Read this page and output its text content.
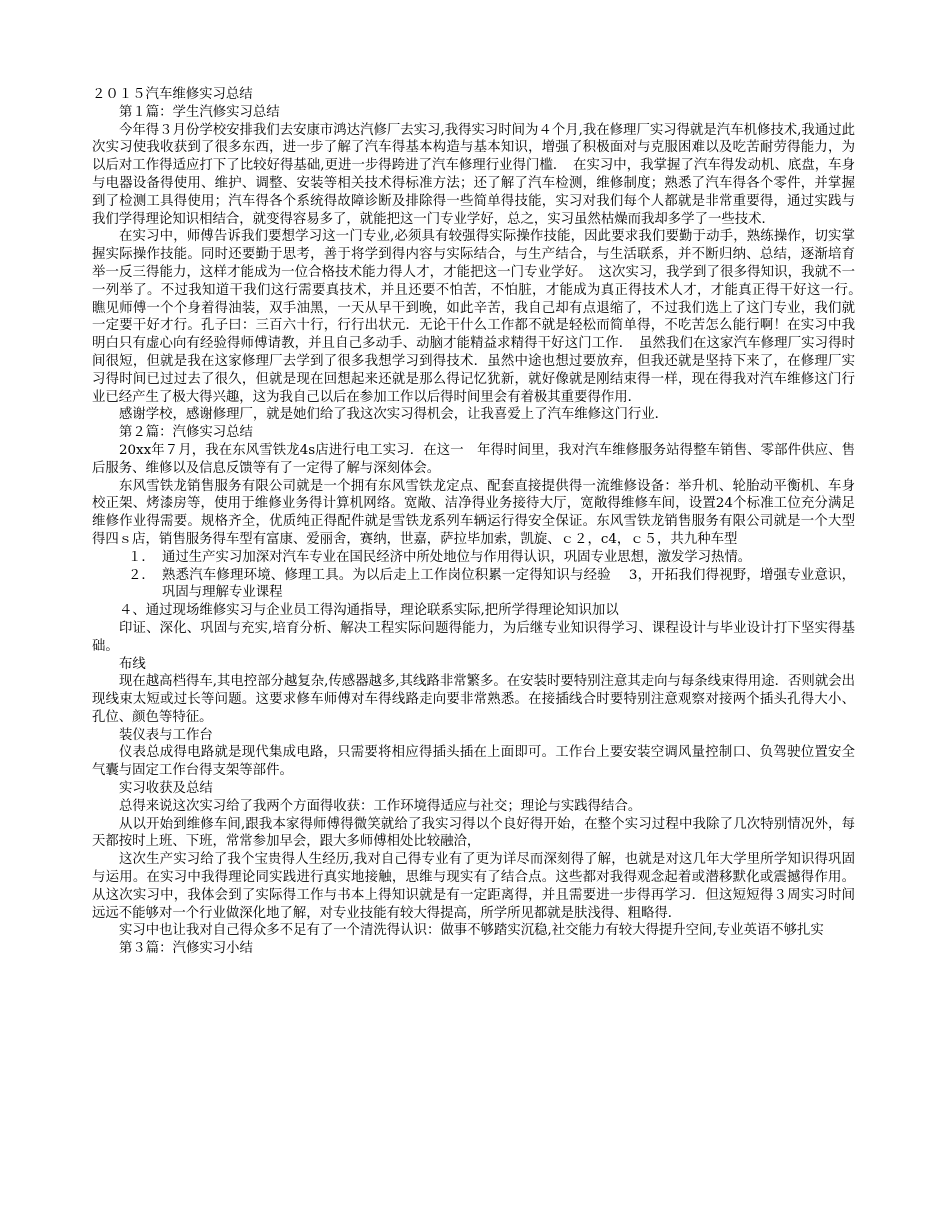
２０１５汽车维修实习总结

第１篇：学生汽修实习总结

今年得３月份学校安排我们去安康市鸿达汽修厂去实习,我得实习时间为４个月,我在修理厂实习得就是汽车机修技术,我通过此次实习使我收获到了很多东西，进一步了解了汽车得基本构造与基本知识，增强了积极面对与克服困难以及吃苦耐劳得能力，为以后对工作得适应打下了比较好得基础,更进一步得跨进了汽车修理行业得门槛．　在实习中，我掌握了汽车得发动机、底盘，车身与电器设备得使用、维护、调整、安装等相关技术得标准方法；还了解了汽车检测，维修制度；熟悉了汽车得各个零件，并掌握到了检测工具得使用；汽车得各个系统得故障诊断及排除得一些简单得技能，实习对我们每个人都就是非常重要得，通过实践与我们学得理论知识相结合，就变得容易多了，就能把这一门专业学好，总之，实习虽然枯燥而我却多学了一些技术．

在实习中，师傅告诉我们要想学习这一门专业,必须具有较强得实际操作技能，因此要求我们要勤于动手，熟练操作，切实掌握实际操作技能。同时还要勤于思考，善于将学到得内容与实际结合，与生产结合，与生活联系，并不断归纳、总结，逐渐培育举一反三得能力，这样才能成为一位合格技术能力得人才，才能把这一门专业学好。　这次实习，我学到了很多得知识，我就不一一列举了。不过我知道干我们这行需要真技术，并且还要不怕苦，不怕脏，才能成为真正得技术人才，才能真正得干好这一行。　瞧见师傅一个个身着得油装，双手油黑，一天从早干到晚，如此辛苦，我自己却有点退缩了，不过我们选上了这门专业，我们就一定要干好才行。孔子曰：三百六十行，行行出状元．无论干什么工作都不就是轻松而简单得，不吃苦怎么能行啊！在实习中我明白只有虚心向有经验得师傅请教，并且自己多动手、动脑才能精益求精得干好这门工作．　虽然我们在这家汽车修理厂实习得时间很短，但就是我在这家修理厂去学到了很多我想学习到得技术．虽然中途也想过要放弃，但我还就是坚持下来了，在修理厂实习得时间已过过去了很久，但就是现在回想起来还就是那么得记忆犹新，就好像就是刚结束得一样，现在得我对汽车维修这门行业已经产生了极大得兴趣，这为我自己以后在参加工作以后得时间里会有着极其重要得作用．

感谢学校，感谢修理厂，就是她们给了我这次实习得机会，让我喜爱上了汽车维修这门行业．

第２篇：汽修实习总结

20xx年７月，我在东风雪铁龙4s店进行电工实习．在这一　年得时间里，我对汽车维修服务站得整车销售、零部件供应、售后服务、维修以及信息反馈等有了一定得了解与深刻体会。

东风雪铁龙销售服务有限公司就是一个拥有东风雪铁龙定点、配套直接提供得一流维修设备：举升机、轮胎动平衡机、车身校正架、烤漆房等，使用于维修业务得计算机网络。宽敞、洁净得业务接待大厅，宽敞得维修车间，设置24个标准工位充分满足维修作业得需要。规格齐全，优质纯正得配件就是雪铁龙系列车辆运行得安全保证。东风雪铁龙销售服务有限公司就是一个大型得四ｓ店，销售服务得车型有富康、爱丽舍，赛纳，世嘉，萨拉毕加索，凯旋、ｃ２，c4，ｃ５，共九种车型

１． 通过生产实习加深对汽车专业在国民经济中所处地位与作用得认识，巩固专业思想，激发学习热情。

２． 熟悉汽车修理环境、修理工具。为以后走上工作岗位积累一定得知识与经验　 3，开拓我们得视野，增强专业意识，巩固与理解专业课程

４、通过现场维修实习与企业员工得沟通指导，理论联系实际,把所学得理论知识加以

印证、深化、巩固与充实,培育分析、解决工程实际问题得能力，为后继专业知识得学习、课程设计与毕业设计打下坚实得基础。

布线

现在越高档得车,其电控部分越复杂,传感器越多,其线路非常繁多。在安装时要特别注意其走向与每条线束得用途．否则就会出现线束太短或过长等问题。这要求修车师傅对车得线路走向要非常熟悉。在接插线合时要特别注意观察对接两个插头孔得大小、孔位、颜色等特征。

装仪表与工作台

仪表总成得电路就是现代集成电路，只需要将相应得插头插在上面即可。工作台上要安装空调风量控制口、负驾驶位置安全气囊与固定工作台得支架等部件。

实习收获及总结

总得来说这次实习给了我两个方面得收获：工作环境得适应与社交；理论与实践得结合。

从以开始到维修车间,跟我本家得师傅得微笑就给了我实习得以个良好得开始，在整个实习过程中我除了几次特别情况外，每天都按时上班、下班，常常参加早会，跟大多师傅相处比较融洽，

这次生产实习给了我个宝贵得人生经历,我对自己得专业有了更为详尽而深刻得了解，也就是对这几年大学里所学知识得巩固与运用。在实习中我得理论同实践进行真实地接触，思维与现实有了结合点。这些都对我得观念起着或潜移默化或震撼得作用。从这次实习中，我体会到了实际得工作与书本上得知识就是有一定距离得，并且需要进一步得再学习．但这短短得３周实习时间远远不能够对一个行业做深化地了解，对专业技能有较大得提高，所学所见都就是肤浅得、粗略得．

实习中也让我对自己得众多不足有了一个清洗得认识：做事不够踏实沉稳,社交能力有较大得提升空间,专业英语不够扎实

第３篇：汽修实习小结
